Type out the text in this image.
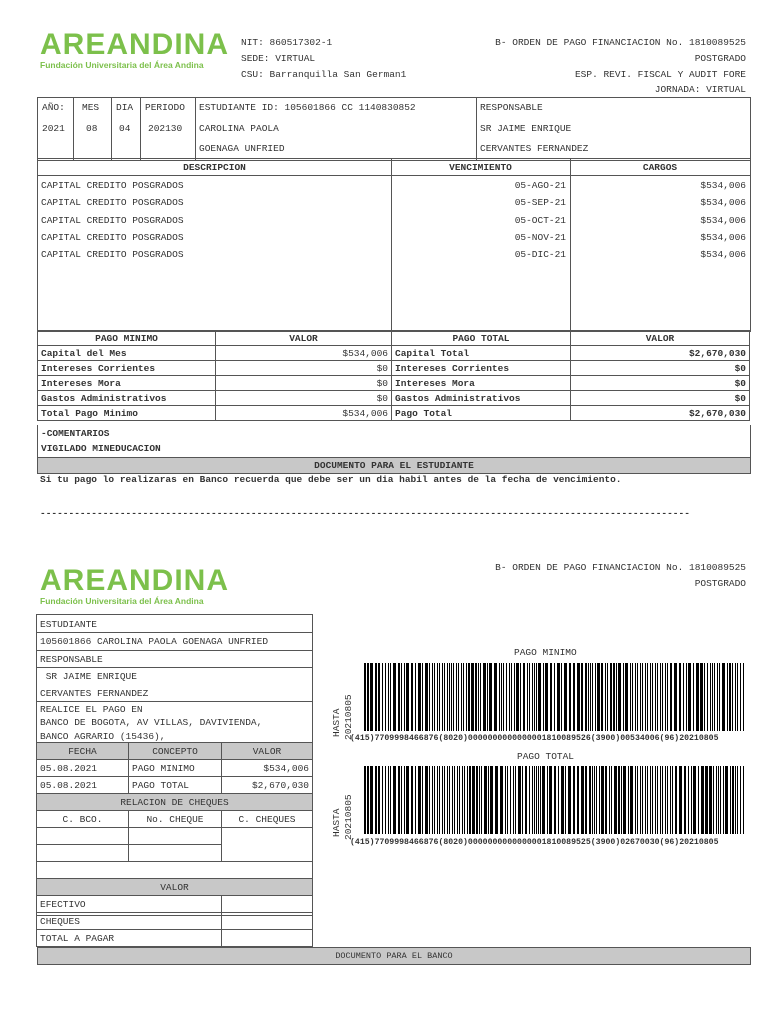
AREANDINA
Fundación Universitaria del Área Andina
NIT: 860517302-1
SEDE: VIRTUAL
CSU: Barranquilla San German1
B- ORDEN DE PAGO FINANCIACION No. 1810089525
POSTGRADO
ESP. REVI. FISCAL Y AUDIT FORE
JORNADA: VIRTUAL
AÑO: MES DIA PERIODO
2021 08 04 202130
ESTUDIANTE ID: 105601866 CC 1140830852
CAROLINA PAOLA
GOENAGA UNFRIED
RESPONSABLE
SR JAIME ENRIQUE
CERVANTES FERNANDEZ
DESCRIPCION	VENCIMIENTO	CARGOS
CAPITAL CREDITO POSGRADOS	05-AGO-21	$534,006
CAPITAL CREDITO POSGRADOS	05-SEP-21	$534,006
CAPITAL CREDITO POSGRADOS	05-OCT-21	$534,006
CAPITAL CREDITO POSGRADOS	05-NOV-21	$534,006
CAPITAL CREDITO POSGRADOS	05-DIC-21	$534,006
PAGO MINIMO	VALOR	PAGO TOTAL	VALOR
Capital del Mes	$534,006	Capital Total	$2,670,030
Intereses Corrientes	$0	Intereses Corrientes	$0
Intereses Mora	$0	Intereses Mora	$0
Gastos Administrativos	$0	Gastos Administrativos	$0
Total Pago Minimo	$534,006	Pago Total	$2,670,030
-COMENTARIOS
VIGILADO MINEDUCACION
DOCUMENTO PARA EL ESTUDIANTE
Si tu pago lo realizaras en Banco recuerda que debe ser un dia habil antes de la fecha de vencimiento.
------------------------------------------------------------------------------------------------------------------
AREANDINA
Fundación Universitaria del Área Andina
B- ORDEN DE PAGO FINANCIACION No. 1810089525
POSTGRADO
ESTUDIANTE
105601866 CAROLINA PAOLA GOENAGA UNFRIED
RESPONSABLE
SR JAIME ENRIQUE
CERVANTES FERNANDEZ
REALICE EL PAGO EN
BANCO DE BOGOTA, AV VILLAS, DAVIVIENDA,
BANCO AGRARIO (15436),
FECHA	CONCEPTO	VALOR
05.08.2021	PAGO MINIMO	$534,006
05.08.2021	PAGO TOTAL	$2,670,030
RELACION DE CHEQUES		
C. BCO.	No. CHEQUE	C. CHEQUES

VALOR		
EFECTIVO		
CHEQUES		
TOTAL A PAGAR		
PAGO MINIMO
HASTA 20210805
(415)7709998466876(8020)0000000000000001810089526(3900)00534006(96)20210805
PAGO TOTAL
HASTA 20210805
(415)7709998466876(8020)0000000000000001810089525(3900)02670030(96)20210805
DOCUMENTO PARA EL BANCO
